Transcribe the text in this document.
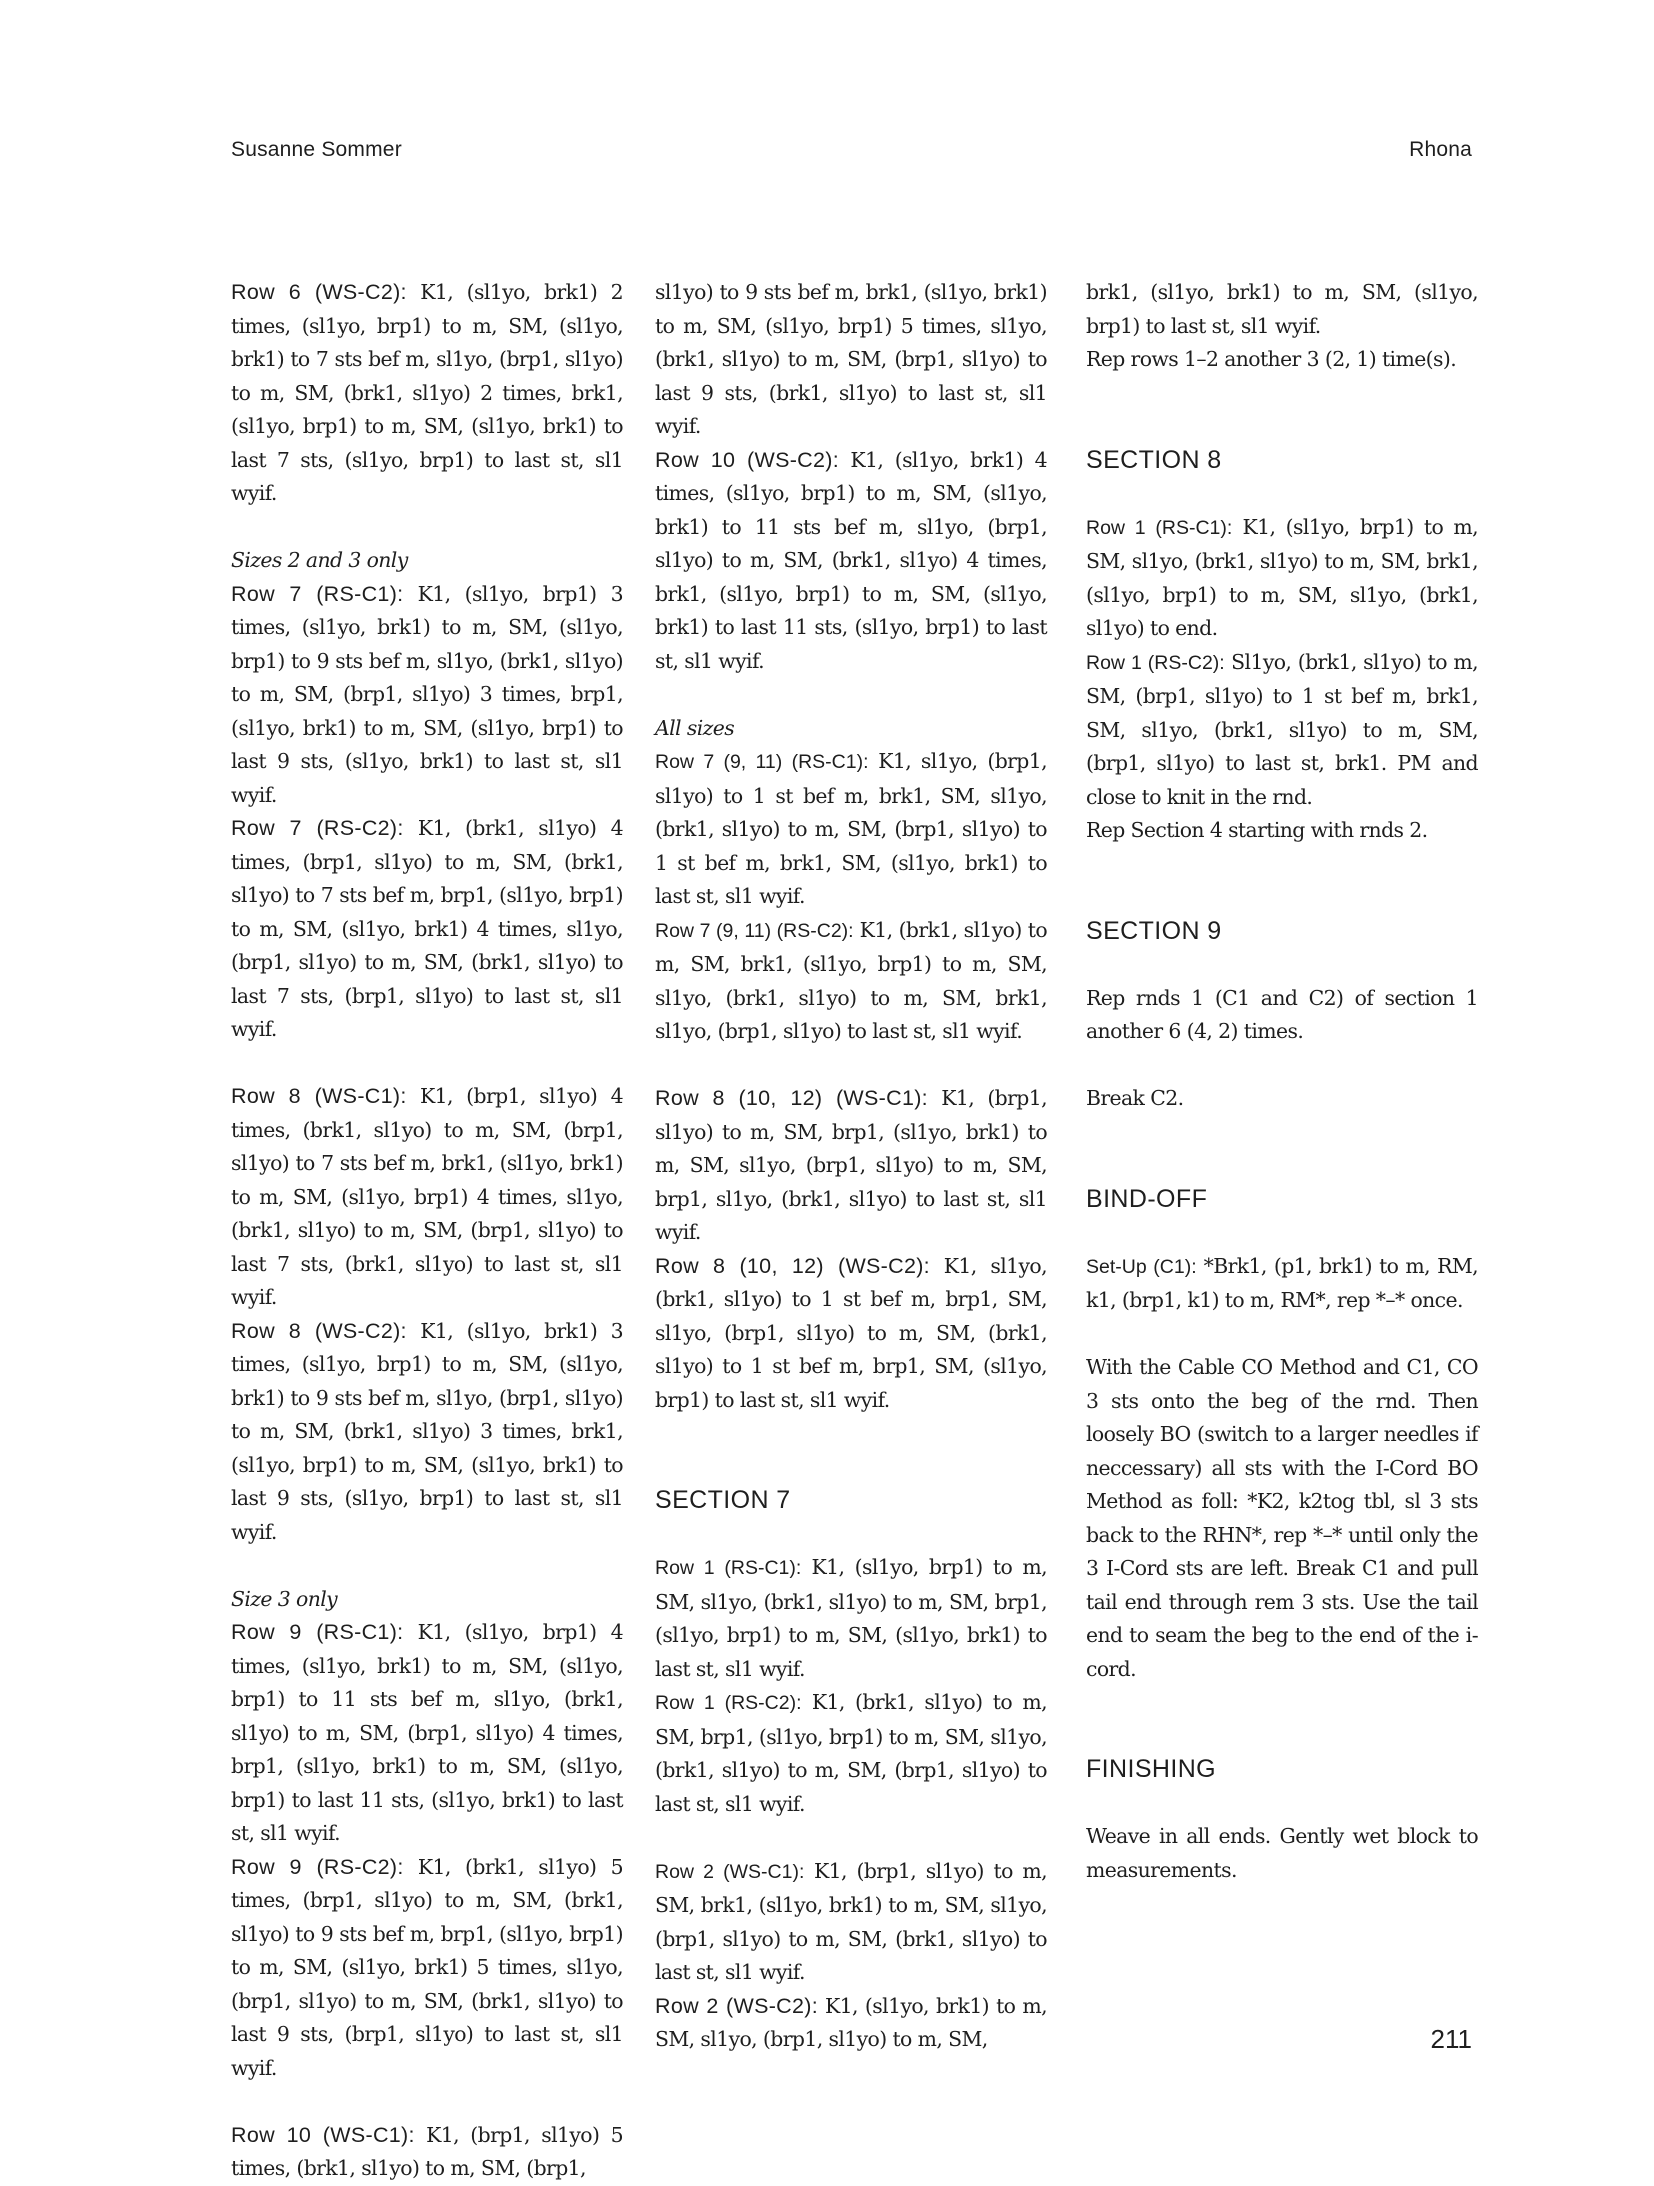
Susanne Sommer	Rhona

Row 6 (WS-C2): K1, (sl1yo, brk1) 2 times, (sl1yo, brp1) to m, SM, (sl1yo, brk1) to 7 sts bef m, sl1yo, (brp1, sl1yo) to m, SM, (brk1, sl1yo) 2 times, brk1, (sl1yo, brp1) to m, SM, (sl1yo, brk1) to last 7 sts, (sl1yo, brp1) to last st, sl1 wyif.

Sizes 2 and 3 only

Row 7 (RS-C1): K1, (sl1yo, brp1) 3 times, (sl1yo, brk1) to m, SM, (sl1yo, brp1) to 9 sts bef m, sl1yo, (brk1, sl1yo) to m, SM, (brp1, sl1yo) 3 times, brp1, (sl1yo, brk1) to m, SM, (sl1yo, brp1) to last 9 sts, (sl1yo, brk1) to last st, sl1 wyif.

Row 7 (RS-C2): K1, (brk1, sl1yo) 4 times, (brp1, sl1yo) to m, SM, (brk1, sl1yo) to 7 sts bef m, brp1, (sl1yo, brp1) to m, SM, (sl1yo, brk1) 4 times, sl1yo, (brp1, sl1yo) to m, SM, (brk1, sl1yo) to last 7 sts, (brp1, sl1yo) to last st, sl1 wyif.

Row 8 (WS-C1): K1, (brp1, sl1yo) 4 times, (brk1, sl1yo) to m, SM, (brp1, sl1yo) to 7 sts bef m, brk1, (sl1yo, brk1) to m, SM, (sl1yo, brp1) 4 times, sl1yo, (brk1, sl1yo) to m, SM, (brp1, sl1yo) to last 7 sts, (brk1, sl1yo) to last st, sl1 wyif.

Row 8 (WS-C2): K1, (sl1yo, brk1) 3 times, (sl1yo, brp1) to m, SM, (sl1yo, brk1) to 9 sts bef m, sl1yo, (brp1, sl1yo) to m, SM, (brk1, sl1yo) 3 times, brk1, (sl1yo, brp1) to m, SM, (sl1yo, brk1) to last 9 sts, (sl1yo, brp1) to last st, sl1 wyif.

Size 3 only

Row 9 (RS-C1): K1, (sl1yo, brp1) 4 times, (sl1yo, brk1) to m, SM, (sl1yo, brp1) to 11 sts bef m, sl1yo, (brk1, sl1yo) to m, SM, (brp1, sl1yo) 4 times, brp1, (sl1yo, brk1) to m, SM, (sl1yo, brp1) to last 11 sts, (sl1yo, brk1) to last st, sl1 wyif.

Row 9 (RS-C2): K1, (brk1, sl1yo) 5 times, (brp1, sl1yo) to m, SM, (brk1, sl1yo) to 9 sts bef m, brp1, (sl1yo, brp1) to m, SM, (sl1yo, brk1) 5 times, sl1yo, (brp1, sl1yo) to m, SM, (brk1, sl1yo) to last 9 sts, (brp1, sl1yo) to last st, sl1 wyif.

Row 10 (WS-C1): K1, (brp1, sl1yo) 5 times, (brk1, sl1yo) to m, SM, (brp1,

sl1yo) to 9 sts bef m, brk1, (sl1yo, brk1) to m, SM, (sl1yo, brp1) 5 times, sl1yo, (brk1, sl1yo) to m, SM, (brp1, sl1yo) to last 9 sts, (brk1, sl1yo) to last st, sl1 wyif.

Row 10 (WS-C2): K1, (sl1yo, brk1) 4 times, (sl1yo, brp1) to m, SM, (sl1yo, brk1) to 11 sts bef m, sl1yo, (brp1, sl1yo) to m, SM, (brk1, sl1yo) 4 times, brk1, (sl1yo, brp1) to m, SM, (sl1yo, brk1) to last 11 sts, (sl1yo, brp1) to last st, sl1 wyif.

All sizes

Row 7 (9, 11) (RS-C1): K1, sl1yo, (brp1, sl1yo) to 1 st bef m, brk1, SM, sl1yo, (brk1, sl1yo) to m, SM, (brp1, sl1yo) to 1 st bef m, brk1, SM, (sl1yo, brk1) to last st, sl1 wyif.

Row 7 (9, 11) (RS-C2): K1, (brk1, sl1yo) to m, SM, brk1, (sl1yo, brp1) to m, SM, sl1yo, (brk1, sl1yo) to m, SM, brk1, sl1yo, (brp1, sl1yo) to last st, sl1 wyif.

Row 8 (10, 12) (WS-C1): K1, (brp1, sl1yo) to m, SM, brp1, (sl1yo, brk1) to m, SM, sl1yo, (brp1, sl1yo) to m, SM, brp1, sl1yo, (brk1, sl1yo) to last st, sl1 wyif.

Row 8 (10, 12) (WS-C2): K1, sl1yo, (brk1, sl1yo) to 1 st bef m, brp1, SM, sl1yo, (brp1, sl1yo) to m, SM, (brk1, sl1yo) to 1 st bef m, brp1, SM, (sl1yo, brp1) to last st, sl1 wyif.

SECTION 7

Row 1 (RS-C1): K1, (sl1yo, brp1) to m, SM, sl1yo, (brk1, sl1yo) to m, SM, brp1, (sl1yo, brp1) to m, SM, (sl1yo, brk1) to last st, sl1 wyif.

Row 1 (RS-C2): K1, (brk1, sl1yo) to m, SM, brp1, (sl1yo, brp1) to m, SM, sl1yo, (brk1, sl1yo) to m, SM, (brp1, sl1yo) to last st, sl1 wyif.

Row 2 (WS-C1): K1, (brp1, sl1yo) to m, SM, brk1, (sl1yo, brk1) to m, SM, sl1yo, (brp1, sl1yo) to m, SM, (brk1, sl1yo) to last st, sl1 wyif.

Row 2 (WS-C2): K1, (sl1yo, brk1) to m, SM, sl1yo, (brp1, sl1yo) to m, SM,

brk1, (sl1yo, brk1) to m, SM, (sl1yo, brp1) to last st, sl1 wyif.

Rep rows 1–2 another 3 (2, 1) time(s).

SECTION 8

Row 1 (RS-C1): K1, (sl1yo, brp1) to m, SM, sl1yo, (brk1, sl1yo) to m, SM, brk1, (sl1yo, brp1) to m, SM, sl1yo, (brk1, sl1yo) to end.

Row 1 (RS-C2): Sl1yo, (brk1, sl1yo) to m, SM, (brp1, sl1yo) to 1 st bef m, brk1, SM, sl1yo, (brk1, sl1yo) to m, SM, (brp1, sl1yo) to last st, brk1. PM and close to knit in the rnd.

Rep Section 4 starting with rnds 2.

SECTION 9

Rep rnds 1 (C1 and C2) of section 1 another 6 (4, 2) times.

Break C2.

BIND-OFF

Set-Up (C1): *Brk1, (p1, brk1) to m, RM, k1, (brp1, k1) to m, RM*, rep *–* once.

With the Cable CO Method and C1, CO 3 sts onto the beg of the rnd. Then loosely BO (switch to a larger needles if neccessary) all sts with the I-Cord BO Method as foll: *K2, k2tog tbl, sl 3 sts back to the RHN*, rep *–* until only the 3 I-Cord sts are left. Break C1 and pull tail end through rem 3 sts. Use the tail end to seam the beg to the end of the i-cord.

FINISHING

Weave in all ends. Gently wet block to measurements.

211
